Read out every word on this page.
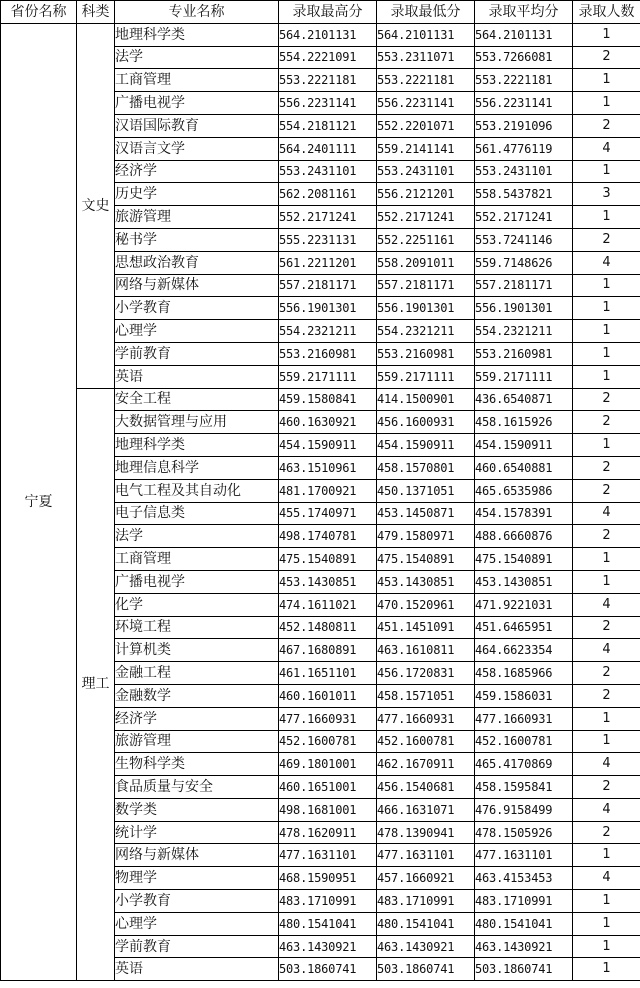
省份名称	科类	专业名称	录取最高分	录取最低分	录取平均分	录取人数
宁夏	文史	地理科学类	564.2101131	564.2101131	564.2101131	1
		法学	554.2221091	553.2311071	553.7266081	2
		工商管理	553.2221181	553.2221181	553.2221181	1
		广播电视学	556.2231141	556.2231141	556.2231141	1
		汉语国际教育	554.2181121	552.2201071	553.2191096	2
		汉语言文学	564.2401111	559.2141141	561.4776119	4
		经济学	553.2431101	553.2431101	553.2431101	1
		历史学	562.2081161	556.2121201	558.5437821	3
		旅游管理	552.2171241	552.2171241	552.2171241	1
		秘书学	555.2231131	552.2251161	553.7241146	2
		思想政治教育	561.2211201	558.2091011	559.7148626	4
		网络与新媒体	557.2181171	557.2181171	557.2181171	1
		小学教育	556.1901301	556.1901301	556.1901301	1
		心理学	554.2321211	554.2321211	554.2321211	1
		学前教育	553.2160981	553.2160981	553.2160981	1
		英语	559.2171111	559.2171111	559.2171111	1
	理工	安全工程	459.1580841	414.1500901	436.6540871	2
		大数据管理与应用	460.1630921	456.1600931	458.1615926	2
		地理科学类	454.1590911	454.1590911	454.1590911	1
		地理信息科学	463.1510961	458.1570801	460.6540881	2
		电气工程及其自动化	481.1700921	450.1371051	465.6535986	2
		电子信息类	455.1740971	453.1450871	454.1578391	4
		法学	498.1740781	479.1580971	488.6660876	2
		工商管理	475.1540891	475.1540891	475.1540891	1
		广播电视学	453.1430851	453.1430851	453.1430851	1
		化学	474.1611021	470.1520961	471.9221031	4
		环境工程	452.1480811	451.1451091	451.6465951	2
		计算机类	467.1680891	463.1610811	464.6623354	4
		金融工程	461.1651101	456.1720831	458.1685966	2
		金融数学	460.1601011	458.1571051	459.1586031	2
		经济学	477.1660931	477.1660931	477.1660931	1
		旅游管理	452.1600781	452.1600781	452.1600781	1
		生物科学类	469.1801001	462.1670911	465.4170869	4
		食品质量与安全	460.1651001	456.1540681	458.1595841	2
		数学类	498.1681001	466.1631071	476.9158499	4
		统计学	478.1620911	478.1390941	478.1505926	2
		网络与新媒体	477.1631101	477.1631101	477.1631101	1
		物理学	468.1590951	457.1660921	463.4153453	4
		小学教育	483.1710991	483.1710991	483.1710991	1
		心理学	480.1541041	480.1541041	480.1541041	1
		学前教育	463.1430921	463.1430921	463.1430921	1
		英语	503.1860741	503.1860741	503.1860741	1
